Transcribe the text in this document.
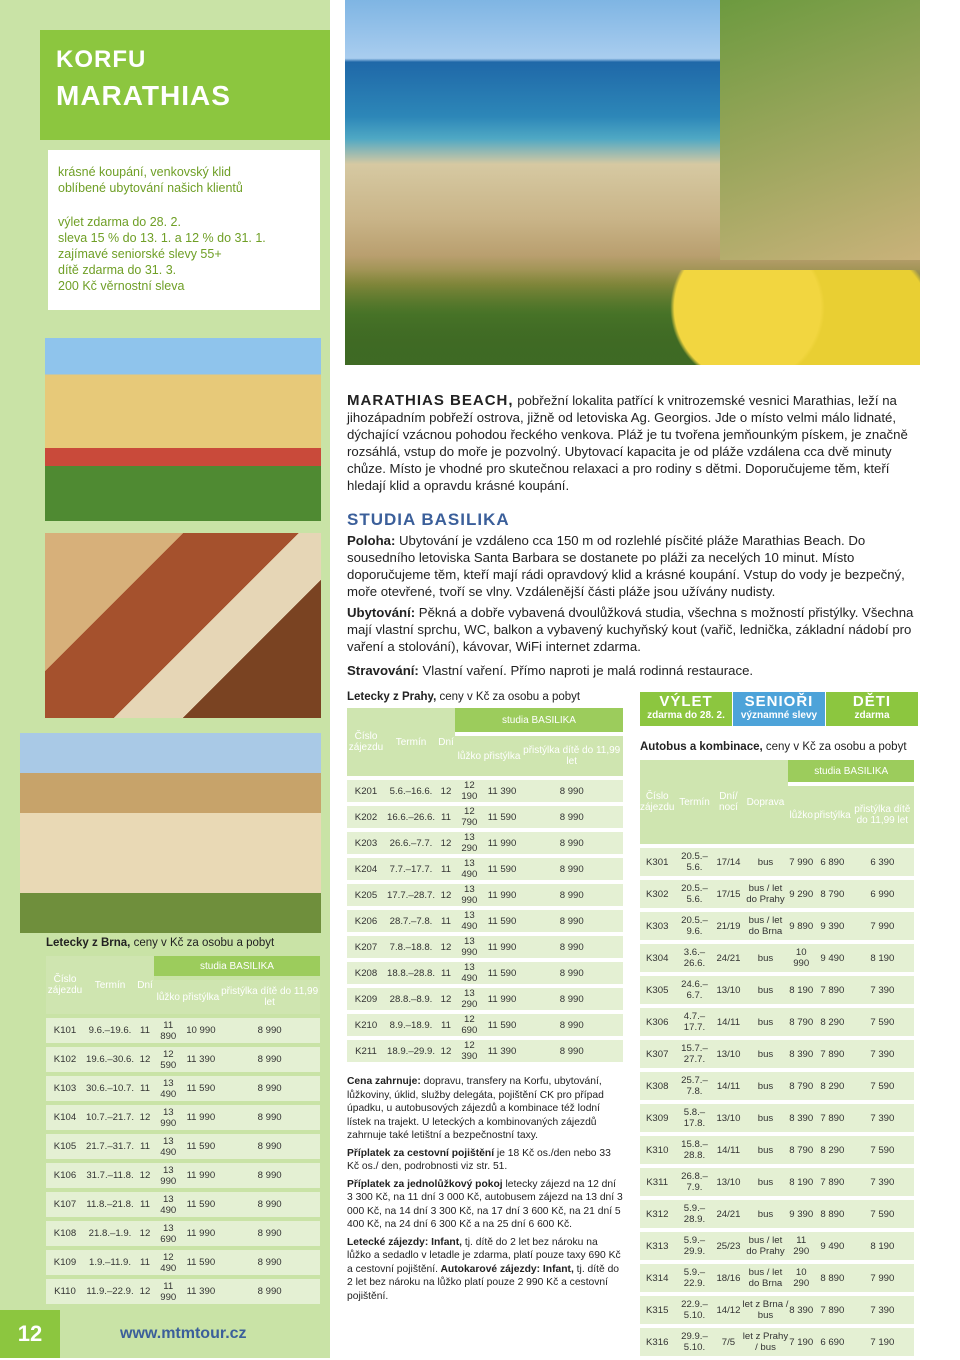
KORFU
MARATHIAS
krásné koupání, venkovský klid
oblíbené ubytování našich klientů
výlet zdarma do 28. 2.
sleva 15 % do 13. 1. a 12 % do 31. 1.
zajímavé seniorské slevy 55+
dítě zdarma do 31. 3.
200 Kč věrnostní sleva
MARATHIAS BEACH, pobřežní lokalita patřící k vnitrozemské vesnici Marathias, leží na jihozápadním pobřeží ostrova, jižně od letoviska Ag. Georgios. Jde o místo velmi málo lidnaté, dýchající vzácnou pohodou řeckého venkova. Pláž je tu tvořena jemňounkým pískem, je značně rozsáhlá, vstup do moře je pozvolný. Ubytovací kapacita je od pláže vzdálena cca dvě minuty chůze. Místo je vhodné pro skutečnou relaxaci a pro rodiny s dětmi. Doporučujeme těm, kteří hledají klid a opravdu krásné koupání.
STUDIA BASILIKA
Poloha: Ubytování je vzdáleno cca 150 m od rozlehlé písčité pláže Marathias Beach. Do sousedního letoviska Santa Barbara se dostanete po pláži za necelých 10 minut. Místo doporučujeme těm, kteří mají rádi opravdový klid a krásné koupání. Vstup do vody je bezpečný, moře otevřené, tvoří se vlny. Vzdálenější části pláže jsou užívány nudisty.
Ubytování: Pěkná a dobře vybavená dvoulůžková studia, všechna s možností přistýlky. Všechna mají vlastní sprchu, WC, balkon a vybavený kuchyňský kout (vařič, lednička, základní nádobí pro vaření a stolování), kávovar, WiFi internet zdarma.
Stravování: Vlastní vaření. Přímo naproti je malá rodinná restaurace.
VÝLET
zdarma do 28. 2.
SENIOŘI
významné slevy
DĚTI
zdarma
Letecky z Brna, ceny v Kč za osobu a pobyt
Číslo zájezdu	Termín	Dní	studia BASILIKA		
			lůžko	přistýlka	přistýlka dítě do 11,99 let
K101	9.6.–19.6.	11	11 890	10 990	8 990
K102	19.6.–30.6.	12	12 590	11 390	8 990
K103	30.6.–10.7.	11	13 490	11 590	8 990
K104	10.7.–21.7.	12	13 990	11 990	8 990
K105	21.7.–31.7.	11	13 490	11 590	8 990
K106	31.7.–11.8.	12	13 990	11 990	8 990
K107	11.8.–21.8.	11	13 490	11 590	8 990
K108	21.8.–1.9.	12	13 690	11 990	8 990
K109	1.9.–11.9.	11	12 490	11 590	8 990
K110	11.9.–22.9.	12	11 990	11 390	8 990
Letecky z Prahy, ceny v Kč za osobu a pobyt
Číslo zájezdu	Termín	Dní	studia BASILIKA		
			lůžko	přistýlka	přistýlka dítě do 11,99 let
K201	5.6.–16.6.	12	12 190	11 390	8 990
K202	16.6.–26.6.	11	12 790	11 590	8 990
K203	26.6.–7.7.	12	13 290	11 990	8 990
K204	7.7.–17.7.	11	13 490	11 590	8 990
K205	17.7.–28.7.	12	13 990	11 990	8 990
K206	28.7.–7.8.	11	13 490	11 590	8 990
K207	7.8.–18.8.	12	13 990	11 990	8 990
K208	18.8.–28.8.	11	13 490	11 590	8 990
K209	28.8.–8.9.	12	13 290	11 990	8 990
K210	8.9.–18.9.	11	12 690	11 590	8 990
K211	18.9.–29.9.	12	12 390	11 390	8 990
Autobus a kombinace, ceny v Kč za osobu a pobyt
Číslo zájezdu	Termín	Dní/ nocí	Doprava	studia BASILIKA		
				lůžko	přistýlka	přistýlka dítě do 11,99 let
K301	20.5.–5.6.	17/14	bus	7 990	6 890	6 390
K302	20.5.–5.6.	17/15	bus / let do Prahy	9 290	8 790	6 990
K303	20.5.–9.6.	21/19	bus / let do Brna	9 890	9 390	7 990
K304	3.6.–26.6.	24/21	bus	10 990	9 490	8 190
K305	24.6.–6.7.	13/10	bus	8 190	7 890	7 390
K306	4.7.–17.7.	14/11	bus	8 790	8 290	7 590
K307	15.7.–27.7.	13/10	bus	8 390	7 890	7 390
K308	25.7.–7.8.	14/11	bus	8 790	8 290	7 590
K309	5.8.–17.8.	13/10	bus	8 390	7 890	7 390
K310	15.8.–28.8.	14/11	bus	8 790	8 290	7 590
K311	26.8.–7.9.	13/10	bus	8 190	7 890	7 390
K312	5.9.–28.9.	24/21	bus	9 390	8 890	7 590
K313	5.9.–29.9.	25/23	bus / let do Prahy	11 290	9 490	8 190
K314	5.9.–22.9.	18/16	bus / let do Brna	10 290	8 890	7 990
K315	22.9.–5.10.	14/12	let z Brna / bus	8 390	7 890	7 390
K316	29.9.–5.10.	7/5	let z Prahy / bus	7 190	6 690	7 190

Cena zahrnuje: dopravu, transfery na Korfu, ubytování, lůžkoviny, úklid, služby delegáta, pojištění CK pro případ úpadku, u autobusových zájezdů a kombinace též lodní lístek na trajekt. U leteckých a kombinovaných zájezdů zahrnuje také letištní a bezpečnostní taxy.

Příplatek za cestovní pojištění je 18 Kč os./den nebo 33 Kč os./ den, podrobnosti viz str. 51.

Příplatek za jednolůžkový pokoj letecky zájezd na 12 dní 3 300 Kč, na 11 dní 3 000 Kč, autobusem zájezd na 13 dní 3 000 Kč, na 14 dní 3 300 Kč, na 17 dní 3 600 Kč, na 21 dní 5 400 Kč, na 24 dní 6 300 Kč a na 25 dní 6 600 Kč.

Letecké zájezdy: Infant, tj. dítě do 2 let bez nároku na lůžko a sedadlo v letadle je zdarma, platí pouze taxy 690 Kč a cestovní pojištění. Autokarové zájezdy: Infant, tj. dítě do 2 let bez nároku na lůžko platí pouze 2 990 Kč a cestovní pojištění.

12	www.mtmtour.cz
